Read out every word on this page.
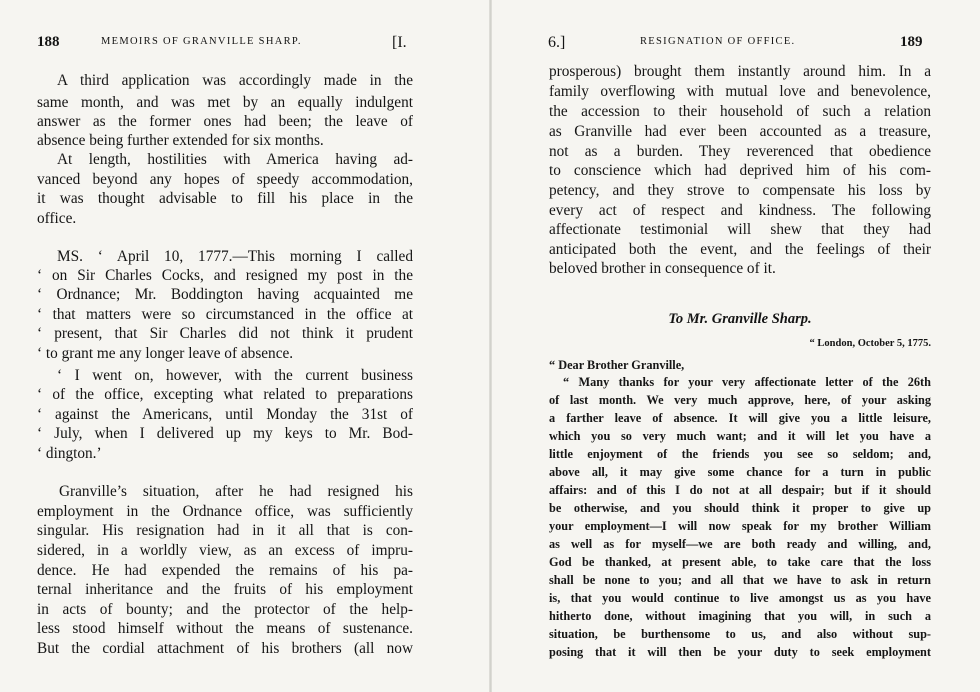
188	MEMOIRS OF GRANVILLE SHARP.	[I.
A third application was accordingly made in the
same month, and was met by an equally indulgent
answer as the former ones had been; the leave of
absence being further extended for six months.
At length, hostilities with America having ad-
vanced beyond any hopes of speedy accommodation,
it was thought advisable to fill his place in the
office.
MS. ‘ April 10, 1777.—This morning I called
‘ on Sir Charles Cocks, and resigned my post in the
‘ Ordnance; Mr. Boddington having acquainted me
‘ that matters were so circumstanced in the office at
‘ present, that Sir Charles did not think it prudent
‘ to grant me any longer leave of absence.
‘ I went on, however, with the current business
‘ of the office, excepting what related to preparations
‘ against the Americans, until Monday the 31st of
‘ July, when I delivered up my keys to Mr. Bod-
‘ dington.’
Granville’s situation, after he had resigned his
employment in the Ordnance office, was sufficiently
singular. His resignation had in it all that is con-
sidered, in a worldly view, as an excess of impru-
dence. He had expended the remains of his pa-
ternal inheritance and the fruits of his employment
in acts of bounty; and the protector of the help-
less stood himself without the means of sustenance.
But the cordial attachment of his brothers (all now
6.]	RESIGNATION OF OFFICE.	189
prosperous) brought them instantly around him. In a
family overflowing with mutual love and benevolence,
the accession to their household of such a relation
as Granville had ever been accounted as a treasure,
not as a burden. They reverenced that obedience
to conscience which had deprived him of his com-
petency, and they strove to compensate his loss by
every act of respect and kindness. The following
affectionate testimonial will shew that they had
anticipated both the event, and the feelings of their
beloved brother in consequence of it.
To Mr. Granville Sharp.
“ London, October 5, 1775.
“ Dear Brother Granville,
“ Many thanks for your very affectionate letter of the 26th
of last month. We very much approve, here, of your asking
a farther leave of absence. It will give you a little leisure,
which you so very much want; and it will let you have a
little enjoyment of the friends you see so seldom; and,
above all, it may give some chance for a turn in public
affairs: and of this I do not at all despair; but if it should
be otherwise, and you should think it proper to give up
your employment—I will now speak for my brother William
as well as for myself—we are both ready and willing, and,
God be thanked, at present able, to take care that the loss
shall be none to you; and all that we have to ask in return
is, that you would continue to live amongst us as you have
hitherto done, without imagining that you will, in such a
situation, be burthensome to us, and also without sup-
posing that it will then be your duty to seek employment
